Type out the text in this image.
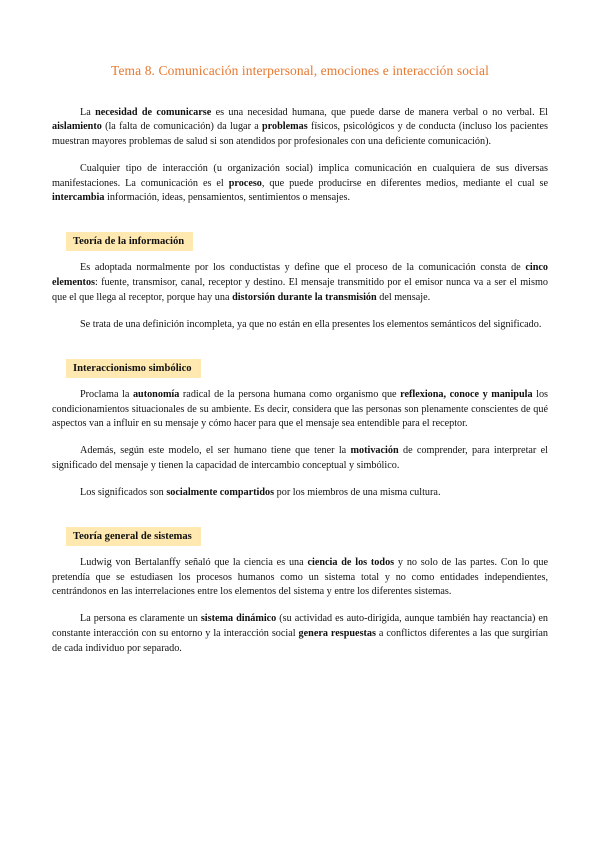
Tema 8. Comunicación interpersonal, emociones e interacción social

La necesidad de comunicarse es una necesidad humana, que puede darse de manera verbal o no verbal. El aislamiento (la falta de comunicación) da lugar a problemas físicos, psicológicos y de conducta (incluso los pacientes muestran mayores problemas de salud si son atendidos por profesionales con una deficiente comunicación).

Cualquier tipo de interacción (u organización social) implica comunicación en cualquiera de sus diversas manifestaciones. La comunicación es el proceso, que puede producirse en diferentes medios, mediante el cual se intercambia información, ideas, pensamientos, sentimientos o mensajes.

Teoría de la información

Es adoptada normalmente por los conductistas y define que el proceso de la comunicación consta de cinco elementos: fuente, transmisor, canal, receptor y destino. El mensaje transmitido por el emisor nunca va a ser el mismo que el que llega al receptor, porque hay una distorsión durante la transmisión del mensaje.

Se trata de una definición incompleta, ya que no están en ella presentes los elementos semánticos del significado.

Interaccionismo simbólico

Proclama la autonomía radical de la persona humana como organismo que reflexiona, conoce y manipula los condicionamientos situacionales de su ambiente. Es decir, considera que las personas son plenamente conscientes de qué aspectos van a influir en su mensaje y cómo hacer para que el mensaje sea entendible para el receptor.

Además, según este modelo, el ser humano tiene que tener la motivación de comprender, para interpretar el significado del mensaje y tienen la capacidad de intercambio conceptual y simbólico.

Los significados son socialmente compartidos por los miembros de una misma cultura.

Teoría general de sistemas

Ludwig von Bertalanffy señaló que la ciencia es una ciencia de los todos y no solo de las partes. Con lo que pretendía que se estudiasen los procesos humanos como un sistema total y no como entidades independientes, centrándonos en las interrelaciones entre los elementos del sistema y entre los diferentes sistemas.

La persona es claramente un sistema dinámico (su actividad es auto-dirigida, aunque también hay reactancia) en constante interacción con su entorno y la interacción social genera respuestas a conflictos diferentes a las que surgirían de cada individuo por separado.
